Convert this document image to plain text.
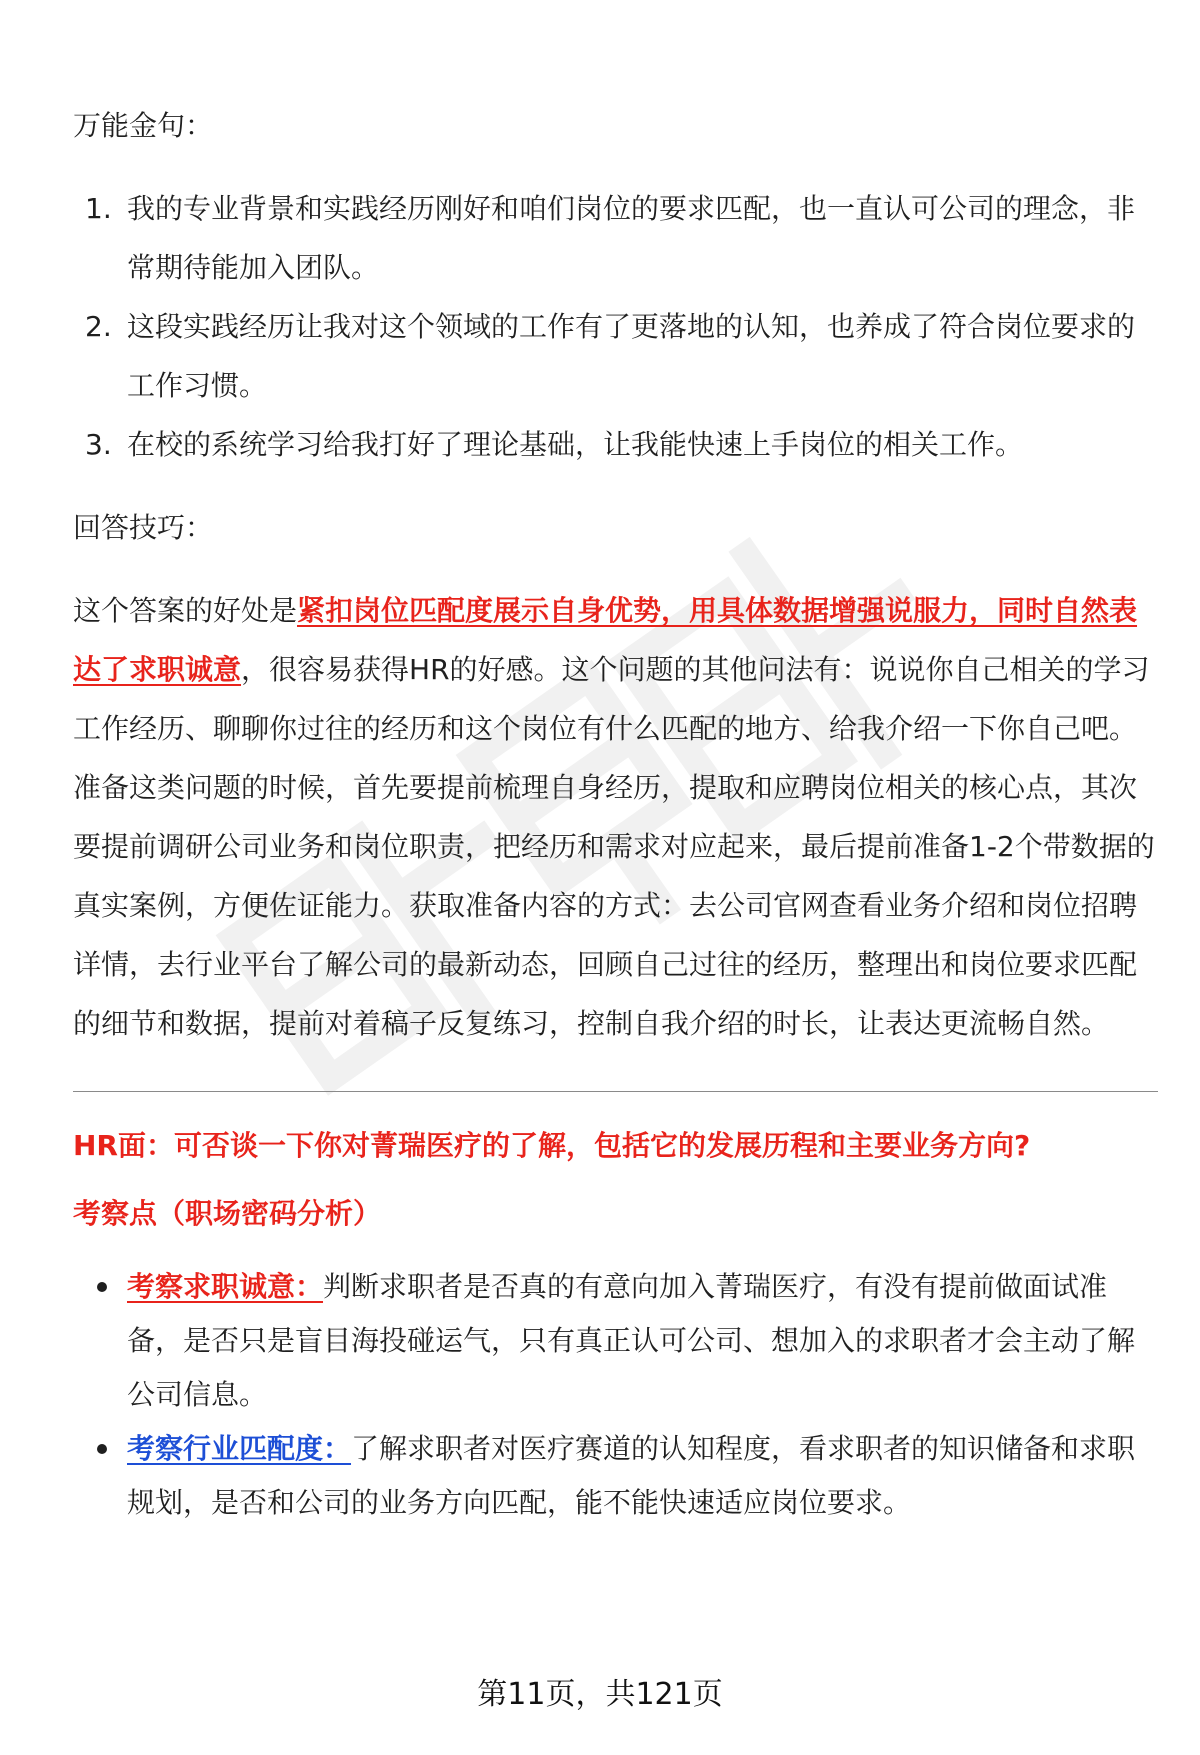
万能金句：

1. 我的专业背景和实践经历刚好和咱们岗位的要求匹配，也一直认可公司的理念，非常期待能加入团队。
2. 这段实践经历让我对这个领域的工作有了更落地的认知，也养成了符合岗位要求的工作习惯。
3. 在校的系统学习给我打好了理论基础，让我能快速上手岗位的相关工作。

回答技巧：

这个答案的好处是紧扣岗位匹配度展示自身优势，用具体数据增强说服力，同时自然表达了求职诚意，很容易获得HR的好感。这个问题的其他问法有：说说你自己相关的学习工作经历、聊聊你过往的经历和这个岗位有什么匹配的地方、给我介绍一下你自己吧。准备这类问题的时候，首先要提前梳理自身经历，提取和应聘岗位相关的核心点，其次要提前调研公司业务和岗位职责，把经历和需求对应起来，最后提前准备1-2个带数据的真实案例，方便佐证能力。获取准备内容的方式：去公司官网查看业务介绍和岗位招聘详情，去行业平台了解公司的最新动态，回顾自己过往的经历，整理出和岗位要求匹配的细节和数据，提前对着稿子反复练习，控制自我介绍的时长，让表达更流畅自然。

HR面：可否谈一下你对菁瑞医疗的了解，包括它的发展历程和主要业务方向?

考察点（职场密码分析）

考察求职诚意：判断求职者是否真的有意向加入菁瑞医疗，有没有提前做面试准备，是否只是盲目海投碰运气，只有真正认可公司、想加入的求职者才会主动了解公司信息。
考察行业匹配度：了解求职者对医疗赛道的认知程度，看求职者的知识储备和求职规划，是否和公司的业务方向匹配，能不能快速适应岗位要求。
第11页，共121页
